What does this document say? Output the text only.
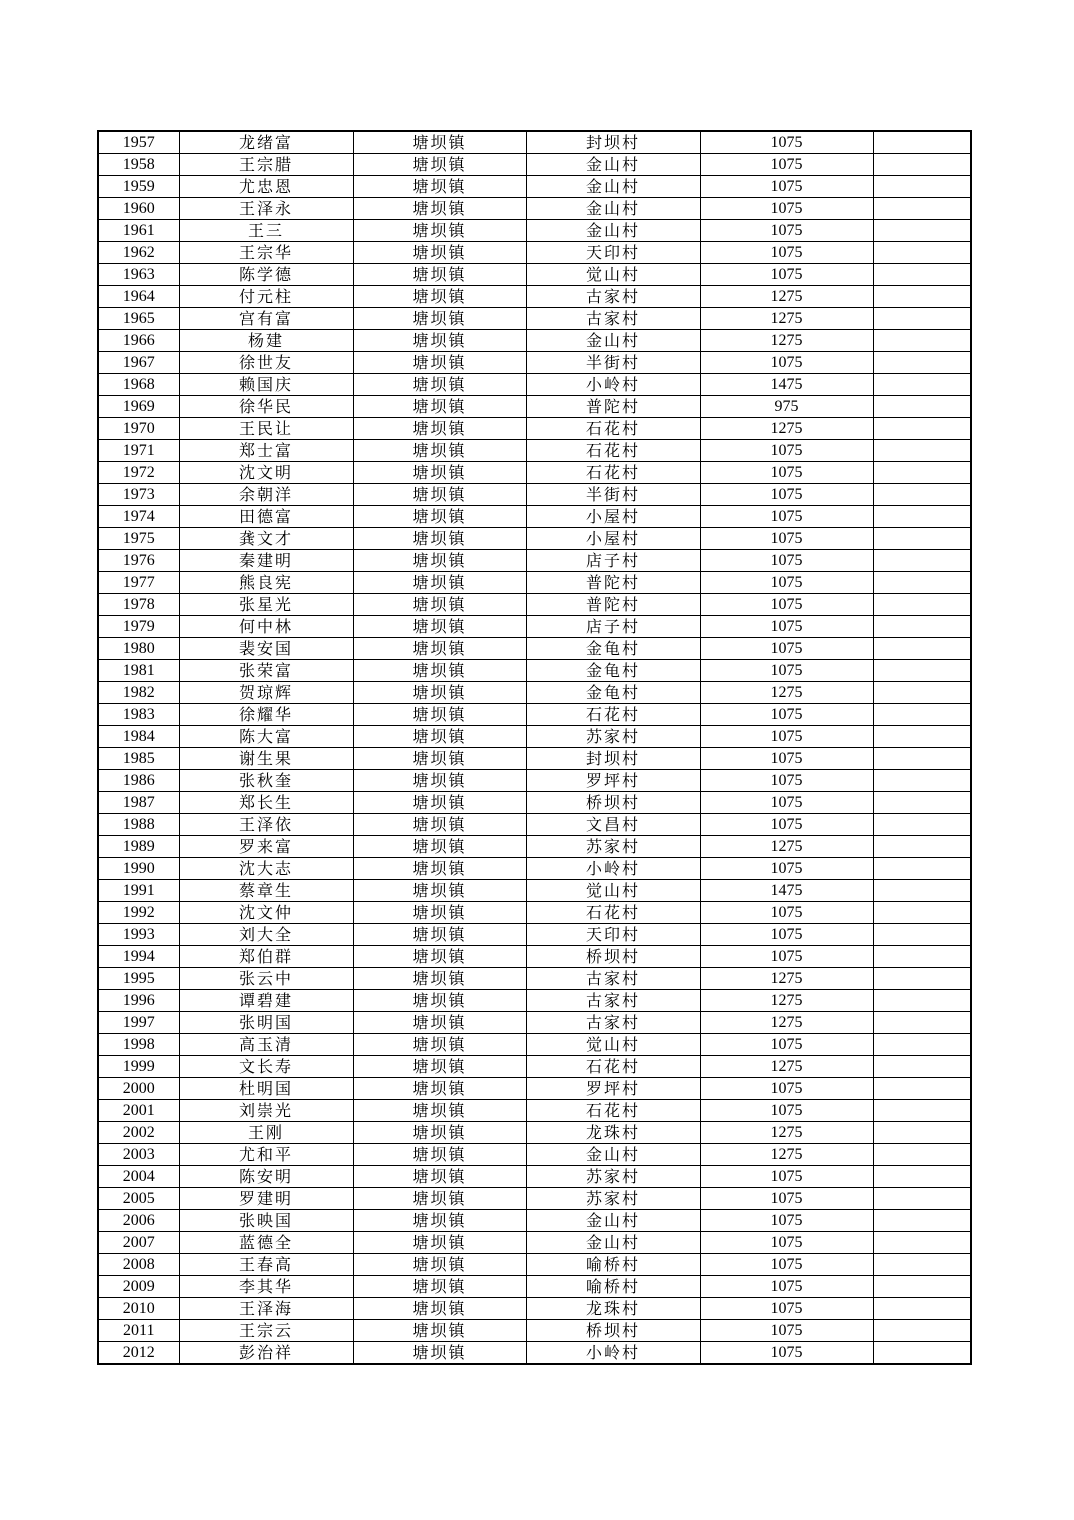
1957	龙绪富	塘坝镇	封坝村	1075	
1958	王宗腊	塘坝镇	金山村	1075	
1959	尤忠恩	塘坝镇	金山村	1075	
1960	王泽永	塘坝镇	金山村	1075	
1961	王三	塘坝镇	金山村	1075	
1962	王宗华	塘坝镇	天印村	1075	
1963	陈学德	塘坝镇	觉山村	1075	
1964	付元柱	塘坝镇	古家村	1275	
1965	宫有富	塘坝镇	古家村	1275	
1966	杨建	塘坝镇	金山村	1275	
1967	徐世友	塘坝镇	半街村	1075	
1968	赖国庆	塘坝镇	小岭村	1475	
1969	徐华民	塘坝镇	普陀村	975	
1970	王民让	塘坝镇	石花村	1275	
1971	郑士富	塘坝镇	石花村	1075	
1972	沈文明	塘坝镇	石花村	1075	
1973	余朝洋	塘坝镇	半街村	1075	
1974	田德富	塘坝镇	小屋村	1075	
1975	龚文才	塘坝镇	小屋村	1075	
1976	秦建明	塘坝镇	店子村	1075	
1977	熊良宪	塘坝镇	普陀村	1075	
1978	张星光	塘坝镇	普陀村	1075	
1979	何中林	塘坝镇	店子村	1075	
1980	裴安国	塘坝镇	金龟村	1075	
1981	张荣富	塘坝镇	金龟村	1075	
1982	贺琼辉	塘坝镇	金龟村	1275	
1983	徐耀华	塘坝镇	石花村	1075	
1984	陈大富	塘坝镇	苏家村	1075	
1985	谢生果	塘坝镇	封坝村	1075	
1986	张秋奎	塘坝镇	罗坪村	1075	
1987	郑长生	塘坝镇	桥坝村	1075	
1988	王泽依	塘坝镇	文昌村	1075	
1989	罗来富	塘坝镇	苏家村	1275	
1990	沈大志	塘坝镇	小岭村	1075	
1991	蔡章生	塘坝镇	觉山村	1475	
1992	沈文仲	塘坝镇	石花村	1075	
1993	刘大全	塘坝镇	天印村	1075	
1994	郑伯群	塘坝镇	桥坝村	1075	
1995	张云中	塘坝镇	古家村	1275	
1996	谭碧建	塘坝镇	古家村	1275	
1997	张明国	塘坝镇	古家村	1275	
1998	高玉清	塘坝镇	觉山村	1075	
1999	文长寿	塘坝镇	石花村	1275	
2000	杜明国	塘坝镇	罗坪村	1075	
2001	刘崇光	塘坝镇	石花村	1075	
2002	王刚	塘坝镇	龙珠村	1275	
2003	尤和平	塘坝镇	金山村	1275	
2004	陈安明	塘坝镇	苏家村	1075	
2005	罗建明	塘坝镇	苏家村	1075	
2006	张映国	塘坝镇	金山村	1075	
2007	蓝德全	塘坝镇	金山村	1075	
2008	王春高	塘坝镇	喻桥村	1075	
2009	李其华	塘坝镇	喻桥村	1075	
2010	王泽海	塘坝镇	龙珠村	1075	
2011	王宗云	塘坝镇	桥坝村	1075	
2012	彭治祥	塘坝镇	小岭村	1075	
